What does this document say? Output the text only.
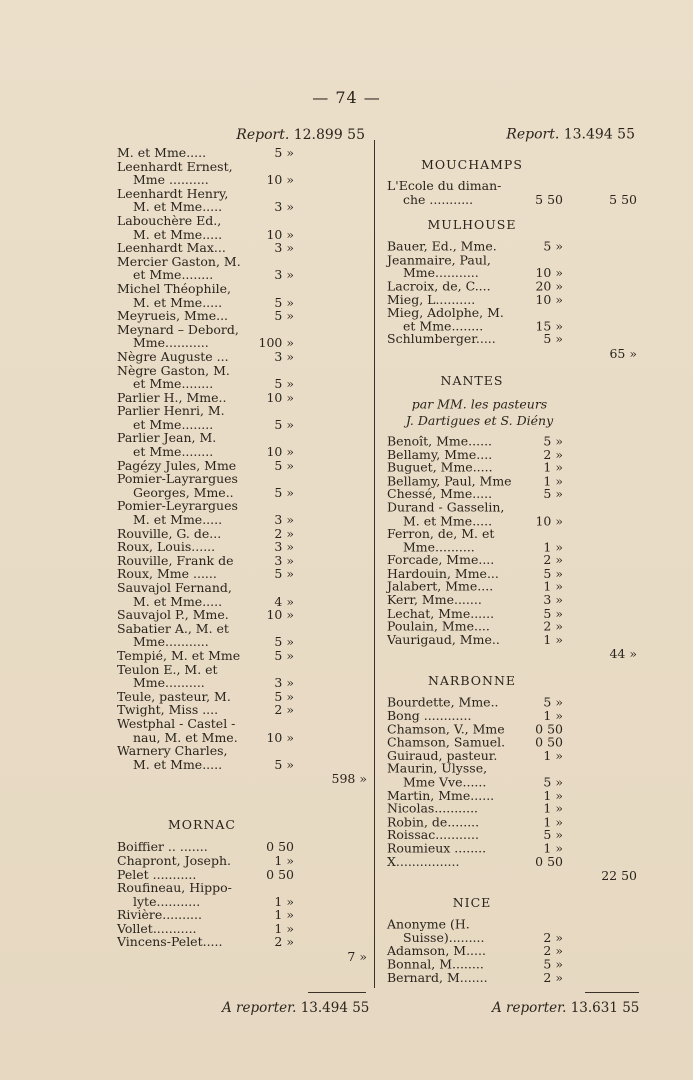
— 74 —
Report. 12.899 55
M. et Mme.....	5 »
Leenhardt Ernest,
Mme ..........	10 »
Leenhardt Henry,
M. et Mme.....	3 »
Labouchère Ed.,
M. et Mme.....	10 »
Leenhardt Max...	3 »
Mercier Gaston, M.
et Mme........	3 »
Michel Théophile,
M. et Mme.....	5 »
Meyrueis, Mme...	5 »
Meynard – Debord,
Mme...........	100 »
Nègre Auguste ...	3 »
Nègre Gaston, M.
et Mme........	5 »
Parlier H., Mme..	10 »
Parlier Henri, M.
et Mme........	5 »
Parlier Jean, M.
et Mme........	10 »
Pagézy Jules, Mme	5 »
Pomier-Layrargues
Georges, Mme..	5 »
Pomier-Leyrargues
M. et Mme.....	3 »
Rouville, G. de...	2 »
Roux, Louis......	3 »
Rouville, Frank de	3 »
Roux, Mme ......	5 »
Sauvajol Fernand,
M. et Mme.....	4 »
Sauvajol P., Mme.	10 »
Sabatier A., M. et
Mme...........	5 »
Tempié, M. et Mme	5 »
Teulon E., M. et
Mme..........	3 »
Teule, pasteur, M.	5 »
Twight, Miss ....	2 »
Westphal - Castel -
nau, M. et Mme.	10 »
Warnery Charles,
M. et Mme.....	5 »
598 »
MORNAC
Boiffier .. .......	0 50
Chapront, Joseph.	1 »
Pelet ...........	0 50
Roufineau, Hippo-
lyte...........	1 »
Rivière..........	1 »
Vollet...........	1 »
Vincens-Pelet.....	2 »
7 »
Report. 13.494 55
MOUCHAMPS
L'Ecole du diman-
che ...........	5 50	5 50
MULHOUSE
Bauer, Ed., Mme.	5 »
Jeanmaire, Paul,
Mme...........	10 »
Lacroix, de, C....	20 »
Mieg, L..........	10 »
Mieg, Adolphe, M.
et Mme........	15 »
Schlumberger.....	5 »
65 »
NANTES
par MM. les pasteurs
J. Dartigues et S. Diény
Benoît, Mme......	5 »
Bellamy, Mme....	2 »
Buguet, Mme.....	1 »
Bellamy, Paul, Mme	1 »
Chessé, Mme.....	5 »
Durand - Gasselin,
M. et Mme.....	10 »
Ferron, de, M. et
Mme..........	1 »
Forcade, Mme....	2 »
Hardouin, Mme...	5 »
Jalabert, Mme....	1 »
Kerr, Mme.......	3 »
Lechat, Mme......	5 »
Poulain, Mme....	2 »
Vaurigaud, Mme..	1 »
44 »
NARBONNE
Bourdette, Mme..	5 »
Bong ............	1 »
Chamson, V., Mme	0 50
Chamson, Samuel.	0 50
Guiraud, pasteur.	1 »
Maurin, Ulysse,
Mme Vve......	5 »
Martin, Mme......	1 »
Nicolas...........	1 »
Robin, de........	1 »
Roissac...........	5 »
Roumieux ........	1 »
X................	0 50
22 50
NICE
Anonyme (H.
Suisse).........	2 »
Adamson, M.....	2 »
Bonnal, M........	5 »
Bernard, M.......	2 »
A reporter. 13.494 55	A reporter. 13.631 55
